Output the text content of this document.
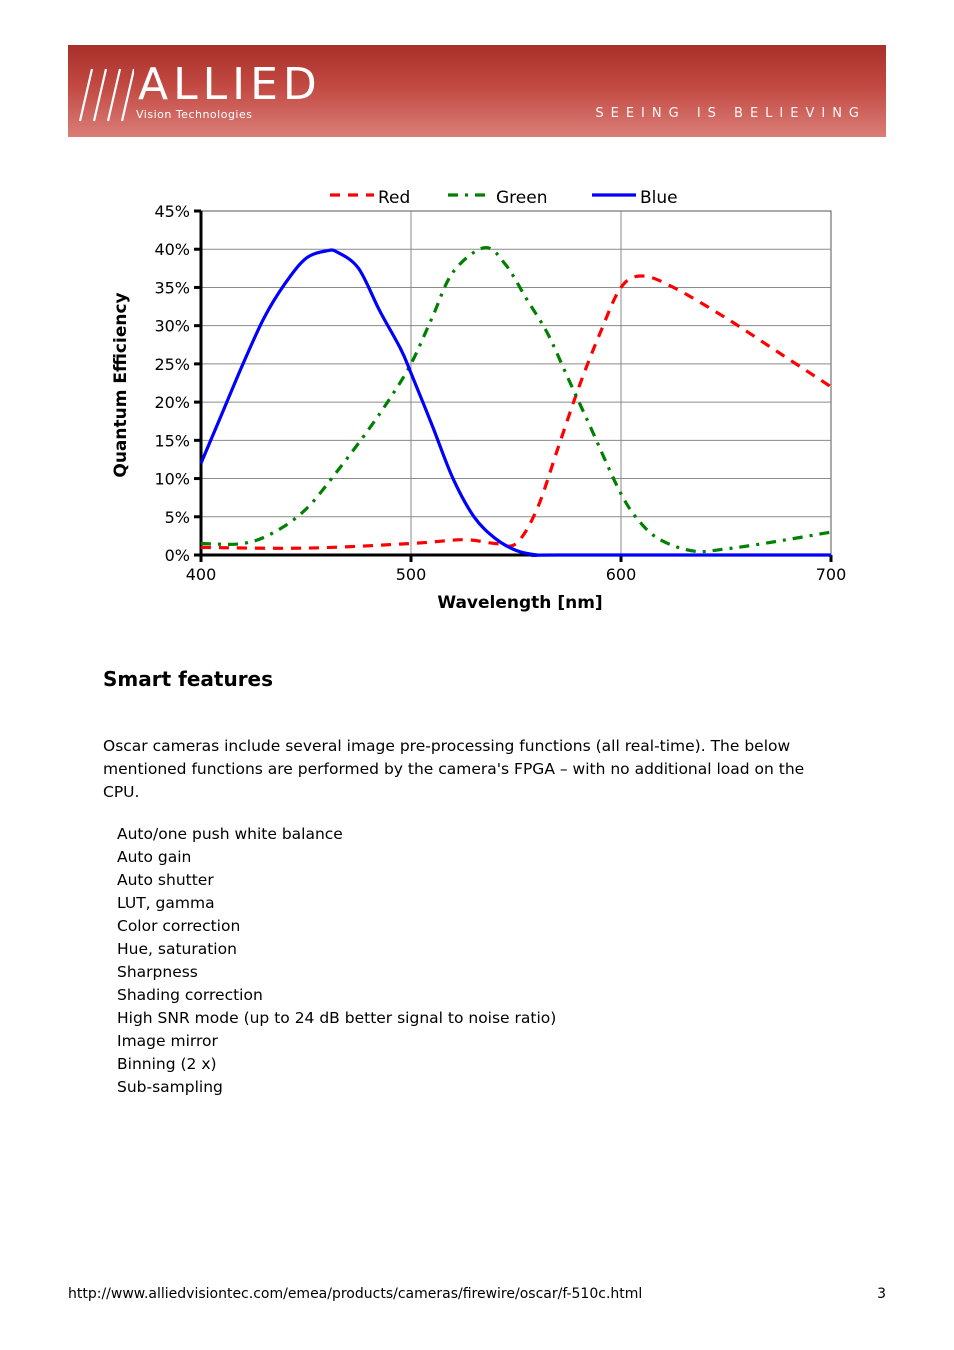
ALLIED
Vision Technologies	SEEING IS BELIEVING
0%
5%
10%
15%
20%
25%
30%
35%
40%
45%
400	500	600	700
Wavelength [nm]
Quantum Efficiency
Red	Green	Blue
Smart features

Oscar cameras include several image pre-processing functions (all real-time). The below mentioned functions are performed by the camera's FPGA – with no additional load on the CPU.

Auto/one push white balance
Auto gain
Auto shutter
LUT, gamma
Color correction
Hue, saturation
Sharpness
Shading correction
High SNR mode (up to 24 dB better signal to noise ratio)
Image mirror
Binning (2 x)
Sub-sampling
http://www.alliedvisiontec.com/emea/products/cameras/firewire/oscar/f-510c.html	3
